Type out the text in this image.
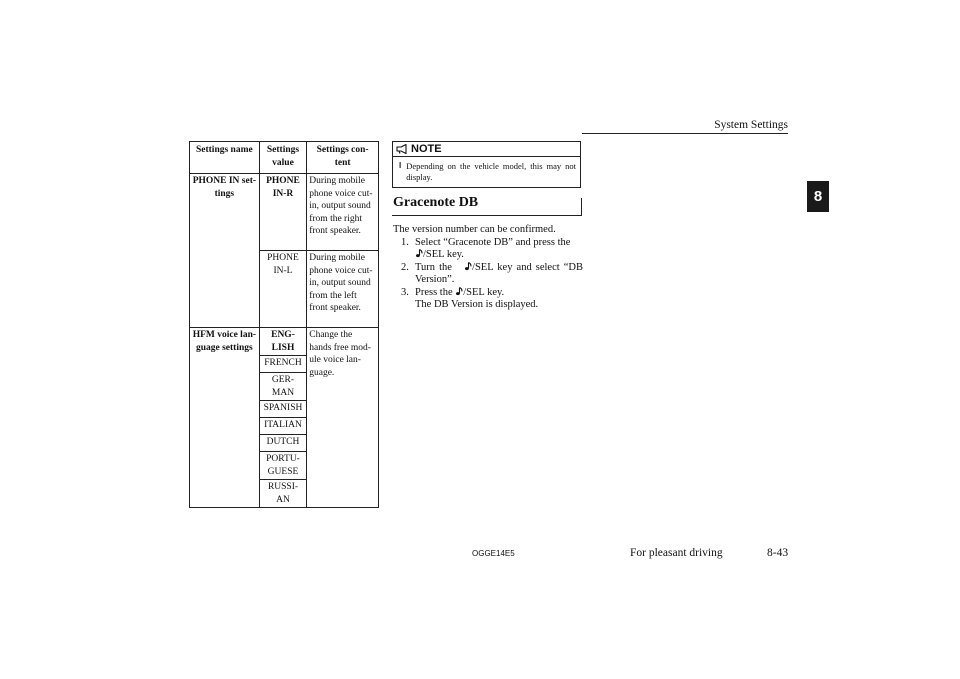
System Settings
8
Settings name	Settings value	Settings con-tent
PHONE IN set-tings	PHONE IN-R	During mobile phone voice cut-in, output sound from the right front speaker.
	PHONE IN-L	During mobile phone voice cut-in, output sound from the left front speaker.
HFM voice lan-guage settings	ENG-LISH	Change the hands free mod-ule voice lan-guage.
	FRENCH	
	GER-MAN	
	SPANISH	
	ITALIAN	
	DUTCH	
	PORTU-GUESE	
	RUSSI-AN	
NOTE
l Depending on the vehicle model, this may not display.
Gracenote DB
The version number can be confirmed.
1. Select “Gracenote DB” and press the
/SEL key.
2. Turn the /SEL key and select “DB Version”.
3. Press the /SEL key.
The DB Version is displayed.
OGGE14E5	For pleasant driving	8-43
